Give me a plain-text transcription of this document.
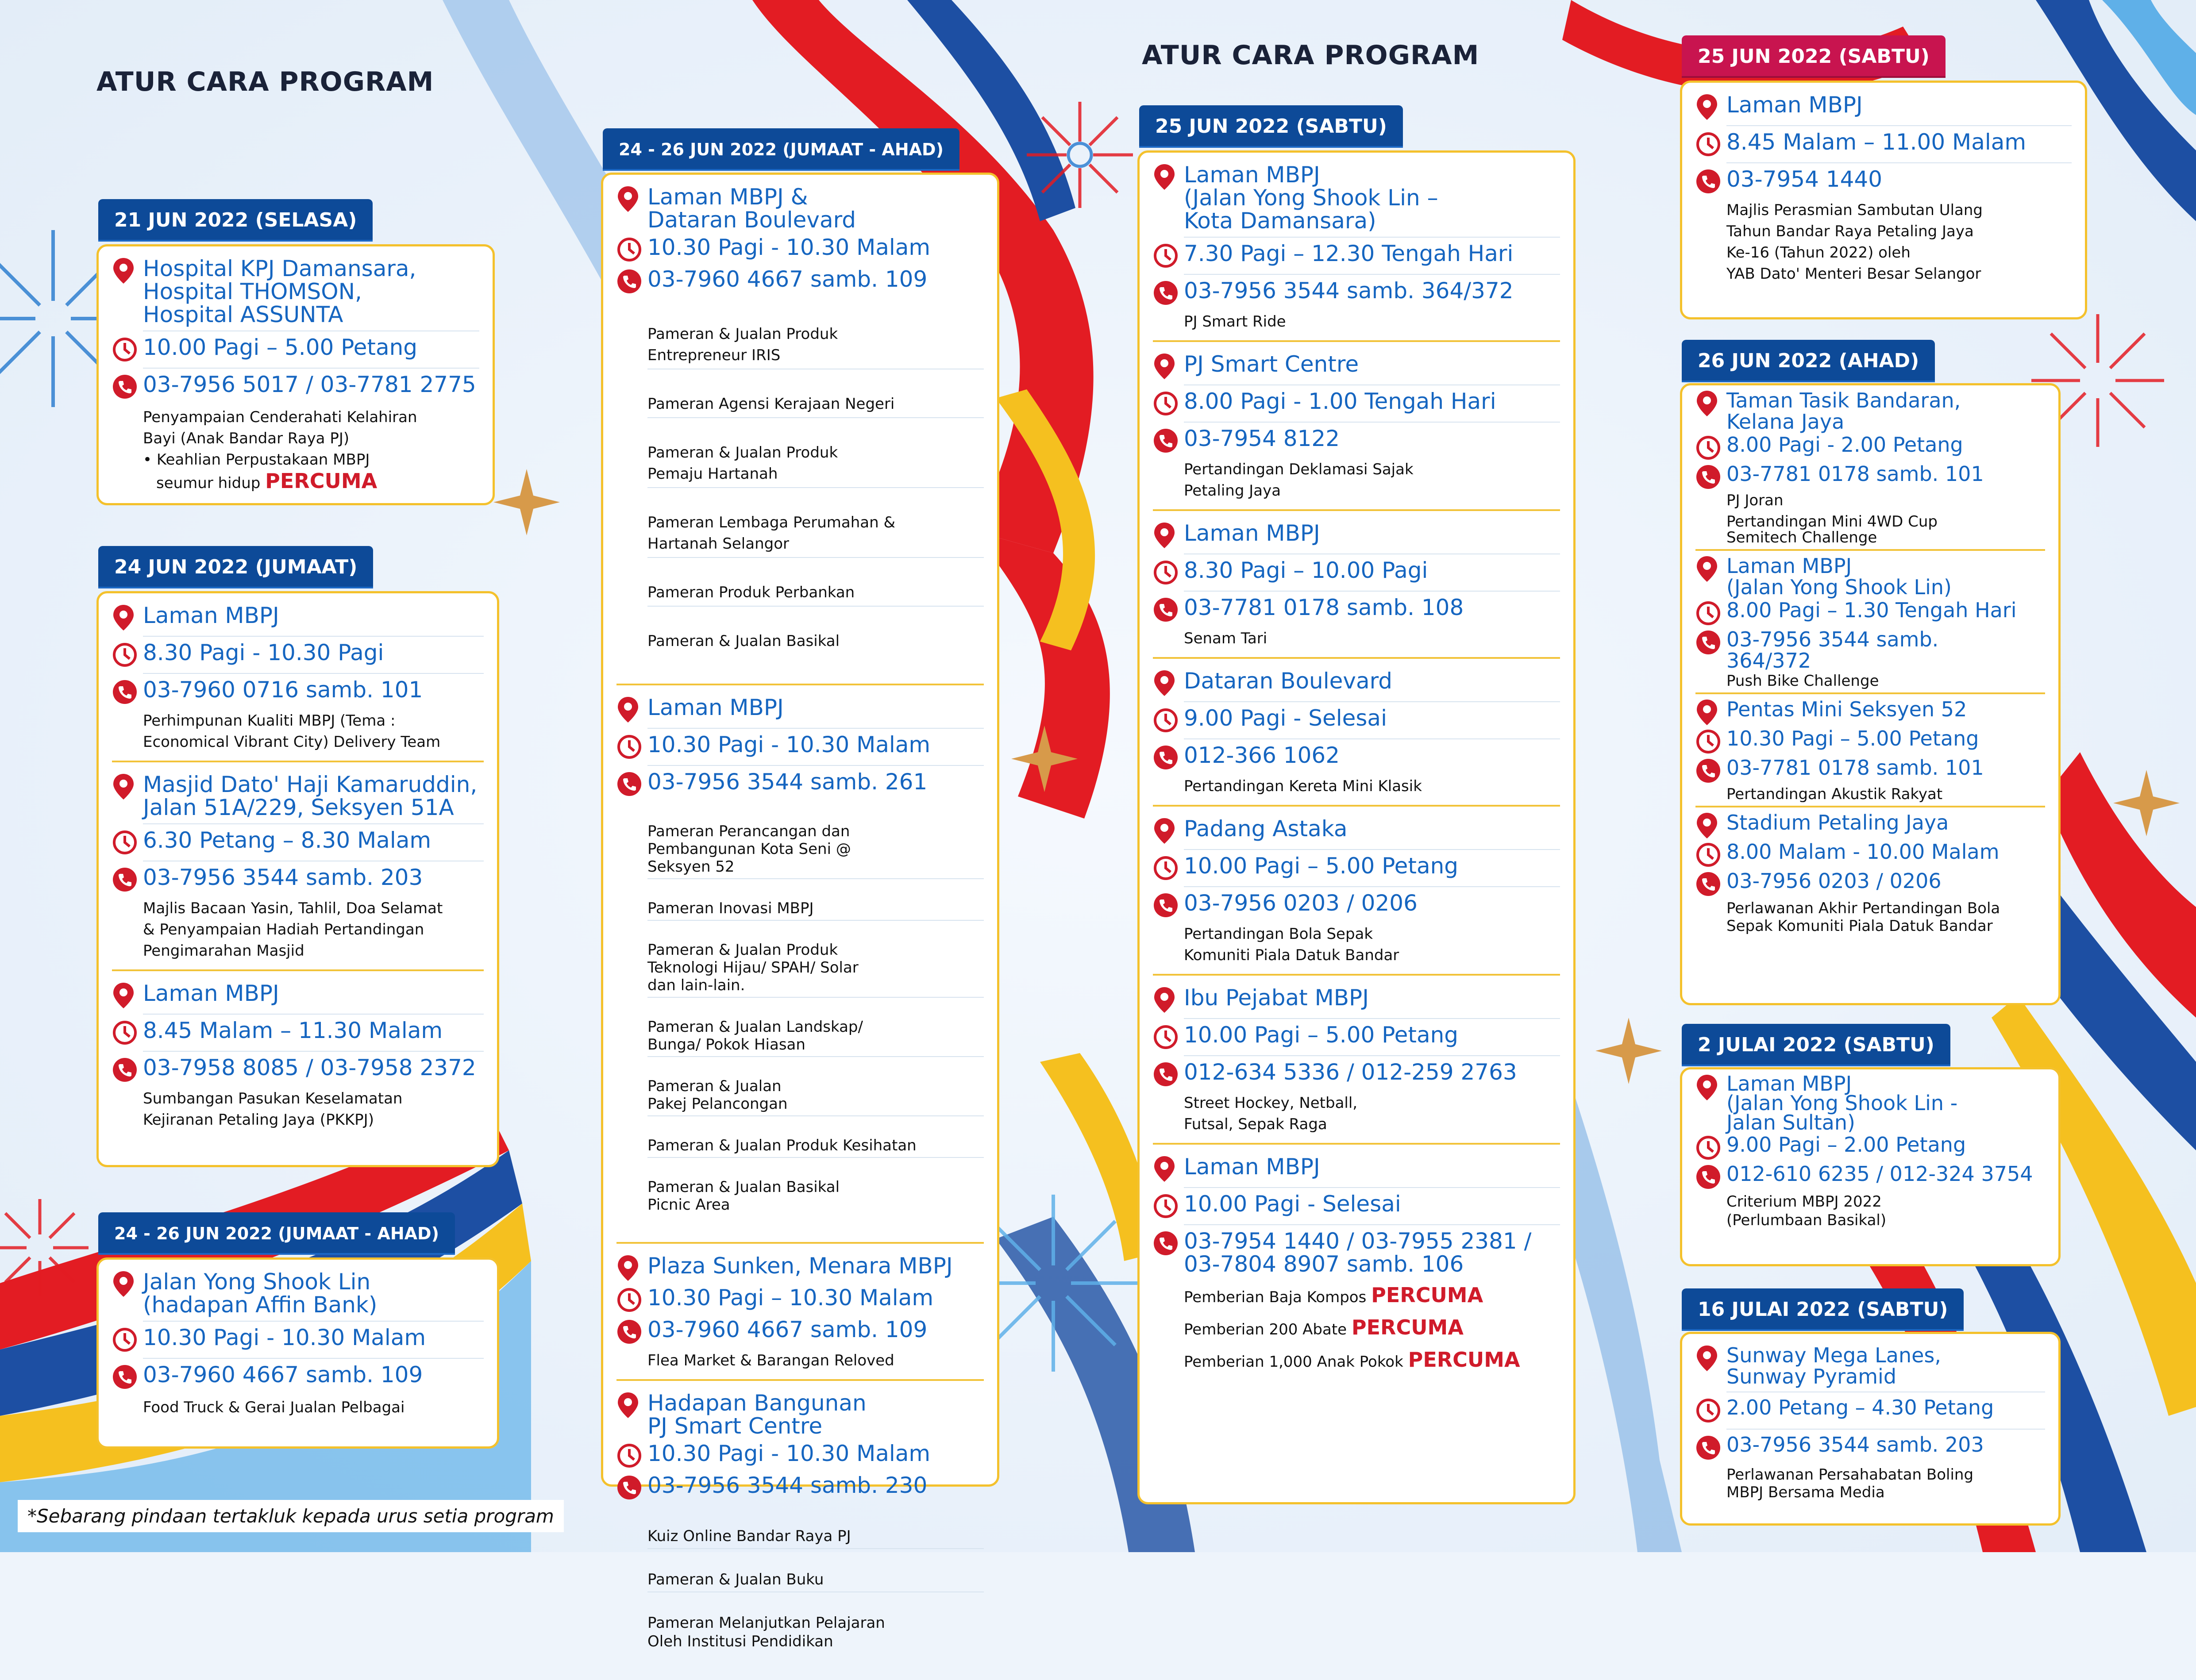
ATUR CARA PROGRAM
ATUR CARA PROGRAM
21 JUN 2022 (SELASA)
Hospital KPJ Damansara,
Hospital THOMSON,
Hospital ASSUNTA
10.00 Pagi – 5.00 Petang
03-7956 5017 / 03-7781 2775
Penyampaian Cenderahati Kelahiran
Bayi (Anak Bandar Raya PJ)
• Keahlian Perpustakaan MBPJ
seumur hidup PERCUMA
24 JUN 2022 (JUMAAT)
Laman MBPJ
8.30 Pagi - 10.30 Pagi
03-7960 0716 samb. 101
Perhimpunan Kualiti MBPJ (Tema :
Economical Vibrant City) Delivery Team
Masjid Dato' Haji Kamaruddin,
Jalan 51A/229, Seksyen 51A
6.30 Petang – 8.30 Malam
03-7956 3544 samb. 203
Majlis Bacaan Yasin, Tahlil, Doa Selamat
& Penyampaian Hadiah Pertandingan
Pengimarahan Masjid
Laman MBPJ
8.45 Malam – 11.30 Malam
03-7958 8085 / 03-7958 2372
Sumbangan Pasukan Keselamatan
Kejiranan Petaling Jaya (PKKPJ)
24 - 26 JUN 2022 (JUMAAT - AHAD)
Jalan Yong Shook Lin
(hadapan Affin Bank)
10.30 Pagi - 10.30 Malam
03-7960 4667 samb. 109
Food Truck & Gerai Jualan Pelbagai
24 - 26 JUN 2022 (JUMAAT - AHAD)
Laman MBPJ &
Dataran Boulevard
10.30 Pagi - 10.30 Malam
03-7960 4667 samb. 109

Pameran & Jualan Produk
Entrepreneur IRIS

Pameran Agensi Kerajaan Negeri

Pameran & Jualan Produk
Pemaju Hartanah

Pameran Lembaga Perumahan &
Hartanah Selangor

Pameran Produk Perbankan

Pameran & Jualan Basikal

Laman MBPJ
10.30 Pagi - 10.30 Malam
03-7956 3544 samb. 261

Pameran Perancangan dan
Pembangunan Kota Seni @
Seksyen 52

Pameran Inovasi MBPJ

Pameran & Jualan Produk
Teknologi Hijau/ SPAH/ Solar
dan lain-lain.

Pameran & Jualan Landskap/
Bunga/ Pokok Hiasan

Pameran & Jualan
Pakej Pelancongan

Pameran & Jualan Produk Kesihatan

Pameran & Jualan Basikal
Picnic Area

Plaza Sunken, Menara MBPJ
10.30 Pagi – 10.30 Malam
03-7960 4667 samb. 109
Flea Market & Barangan Reloved
Hadapan Bangunan
PJ Smart Centre
10.30 Pagi - 10.30 Malam
03-7956 3544 samb. 230

Kuiz Online Bandar Raya PJ

Pameran & Jualan Buku

Pameran Melanjutkan Pelajaran
Oleh Institusi Pendidikan

25 JUN 2022 (SABTU)
Laman MBPJ
(Jalan Yong Shook Lin –
Kota Damansara)
7.30 Pagi – 12.30 Tengah Hari
03-7956 3544 samb. 364/372
PJ Smart Ride
PJ Smart Centre
8.00 Pagi - 1.00 Tengah Hari
03-7954 8122
Pertandingan Deklamasi Sajak
Petaling Jaya
Laman MBPJ
8.30 Pagi – 10.00 Pagi
03-7781 0178 samb. 108
Senam Tari
Dataran Boulevard
9.00 Pagi - Selesai
012-366 1062
Pertandingan Kereta Mini Klasik
Padang Astaka
10.00 Pagi – 5.00 Petang
03-7956 0203 / 0206
Pertandingan Bola Sepak
Komuniti Piala Datuk Bandar
Ibu Pejabat MBPJ
10.00 Pagi – 5.00 Petang
012-634 5336 / 012-259 2763
Street Hockey, Netball,
Futsal, Sepak Raga
Laman MBPJ
10.00 Pagi - Selesai
03-7954 1440 / 03-7955 2381 /
03-7804 8907 samb. 106
Pemberian Baja Kompos PERCUMA
Pemberian 200 Abate PERCUMA
Pemberian 1,000 Anak Pokok PERCUMA
25 JUN 2022 (SABTU)
Laman MBPJ
8.45 Malam – 11.00 Malam
03-7954 1440
Majlis Perasmian Sambutan Ulang
Tahun Bandar Raya Petaling Jaya
Ke-16 (Tahun 2022) oleh
YAB Dato' Menteri Besar Selangor
26 JUN 2022 (AHAD)
Taman Tasik Bandaran,
Kelana Jaya
8.00 Pagi - 2.00 Petang
03-7781 0178 samb. 101
PJ Joran
Pertandingan Mini 4WD Cup
Semitech Challenge
Laman MBPJ
(Jalan Yong Shook Lin)
8.00 Pagi – 1.30 Tengah Hari
03-7956 3544 samb.
364/372
Push Bike Challenge
Pentas Mini Seksyen 52
10.30 Pagi – 5.00 Petang
03-7781 0178 samb. 101
Pertandingan Akustik Rakyat
Stadium Petaling Jaya
8.00 Malam - 10.00 Malam
03-7956 0203 / 0206
Perlawanan Akhir Pertandingan Bola
Sepak Komuniti Piala Datuk Bandar
2 JULAI 2022 (SABTU)
Laman MBPJ
(Jalan Yong Shook Lin -
Jalan Sultan)
9.00 Pagi – 2.00 Petang
012-610 6235 / 012-324 3754
Criterium MBPJ 2022
(Perlumbaan Basikal)
16 JULAI 2022 (SABTU)
Sunway Mega Lanes,
Sunway Pyramid
2.00 Petang – 4.30 Petang
03-7956 3544 samb. 203
Perlawanan Persahabatan Boling
MBPJ Bersama Media
*Sebarang pindaan tertakluk kepada urus setia program
